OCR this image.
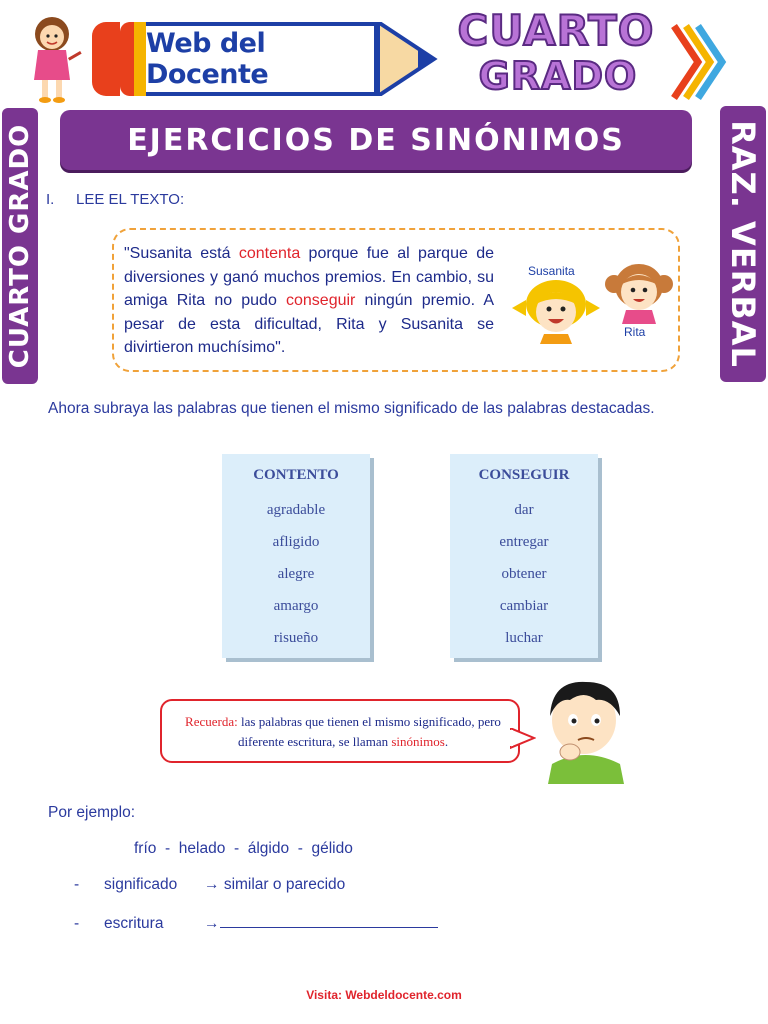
Web del Docente
CUARTO
GRADO
CUARTO GRADO	RAZ. VERBAL
EJERCICIOS DE SINÓNIMOS
I. LEE EL TEXTO:
"Susanita está contenta porque fue al parque de diversiones y ganó muchos premios. En cambio, su amiga Rita no pudo conseguir ningún premio. A pesar de esta dificultad, Rita y Susanita se divirtieron muchísimo".
Susanita
Rita
Ahora subraya las palabras que tienen el mismo significado de las palabras destacadas.
CONTENTO
agradable
afligido
alegre
amargo
risueño
CONSEGUIR
dar
entregar
obtener
cambiar
luchar
Recuerda: las palabras que tienen el mismo significado, pero diferente escritura, se llaman sinónimos.
Por ejemplo:
frío  -  helado  -  álgido  -  gélido
- significado → similar o parecido
- escritura	→
Visita: Webdeldocente.com
